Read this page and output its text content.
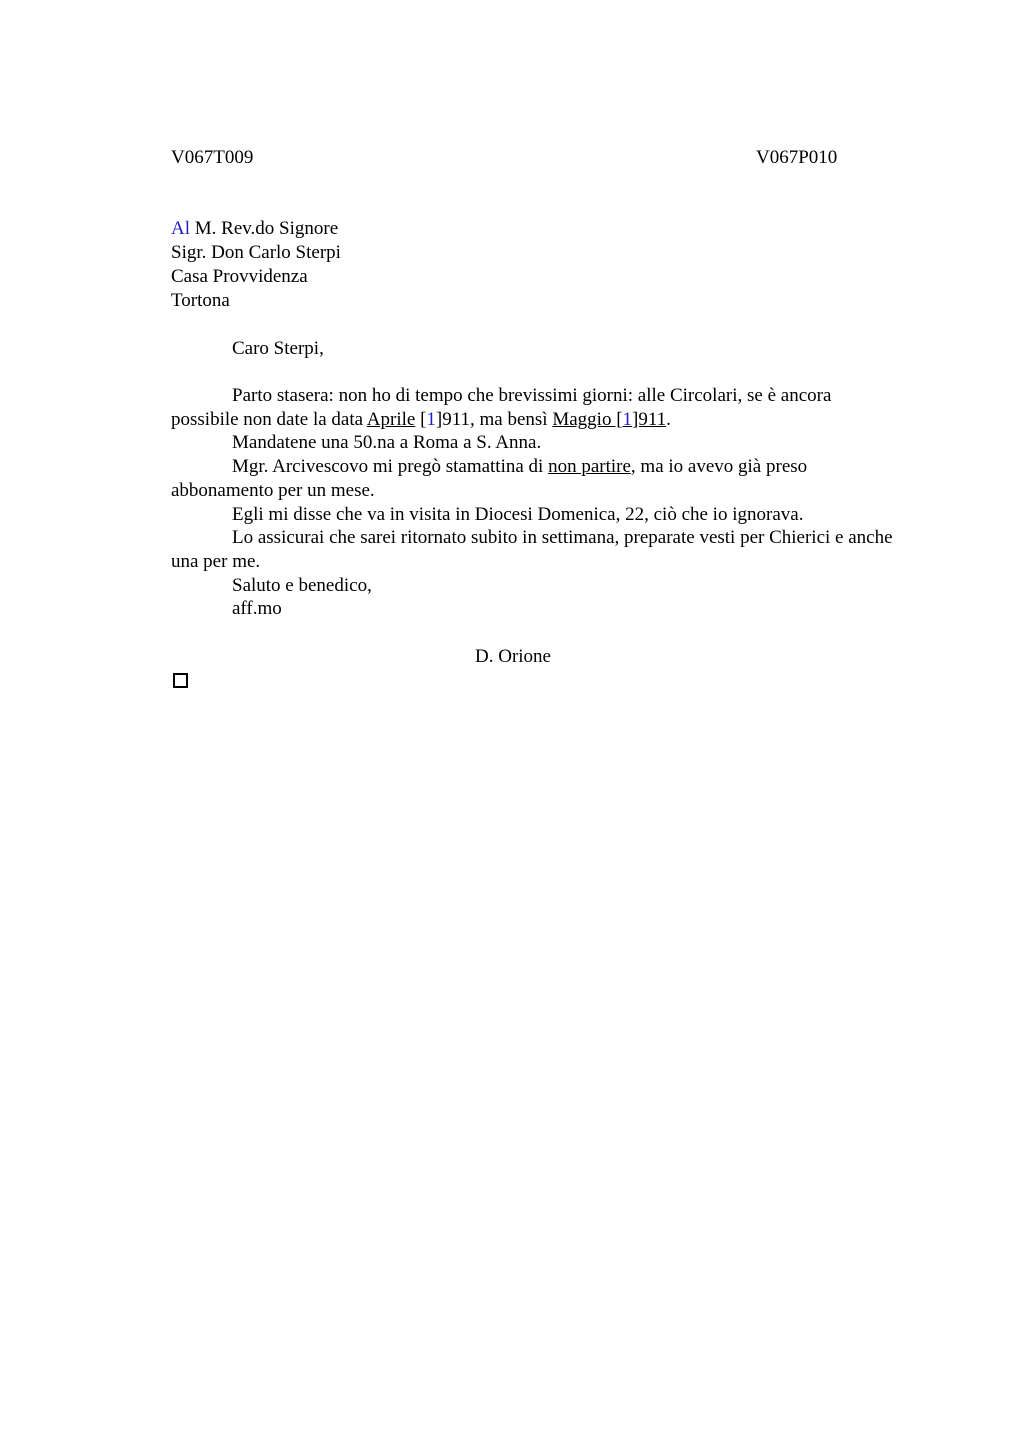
V067T009	V067P010
Al M. Rev.do Signore
Sigr. Don Carlo Sterpi
Casa Provvidenza
Tortona
Caro Sterpi,

Parto stasera: non ho di tempo che brevissimi giorni: alle Circolari, se è ancora possibile non date la data Aprile [1]911, ma bensì Maggio [1]911.

Mandatene una 50.na a Roma a S. Anna.

Mgr. Arcivescovo mi pregò stamattina di non partire, ma io avevo già preso abbonamento per un mese.

Egli mi disse che va in visita in Diocesi Domenica, 22, ciò che io ignorava.

Lo assicurai che sarei ritornato subito in settimana, preparate vesti per Chierici e anche una per me.

Saluto e benedico,

aff.mo

D. Orione
